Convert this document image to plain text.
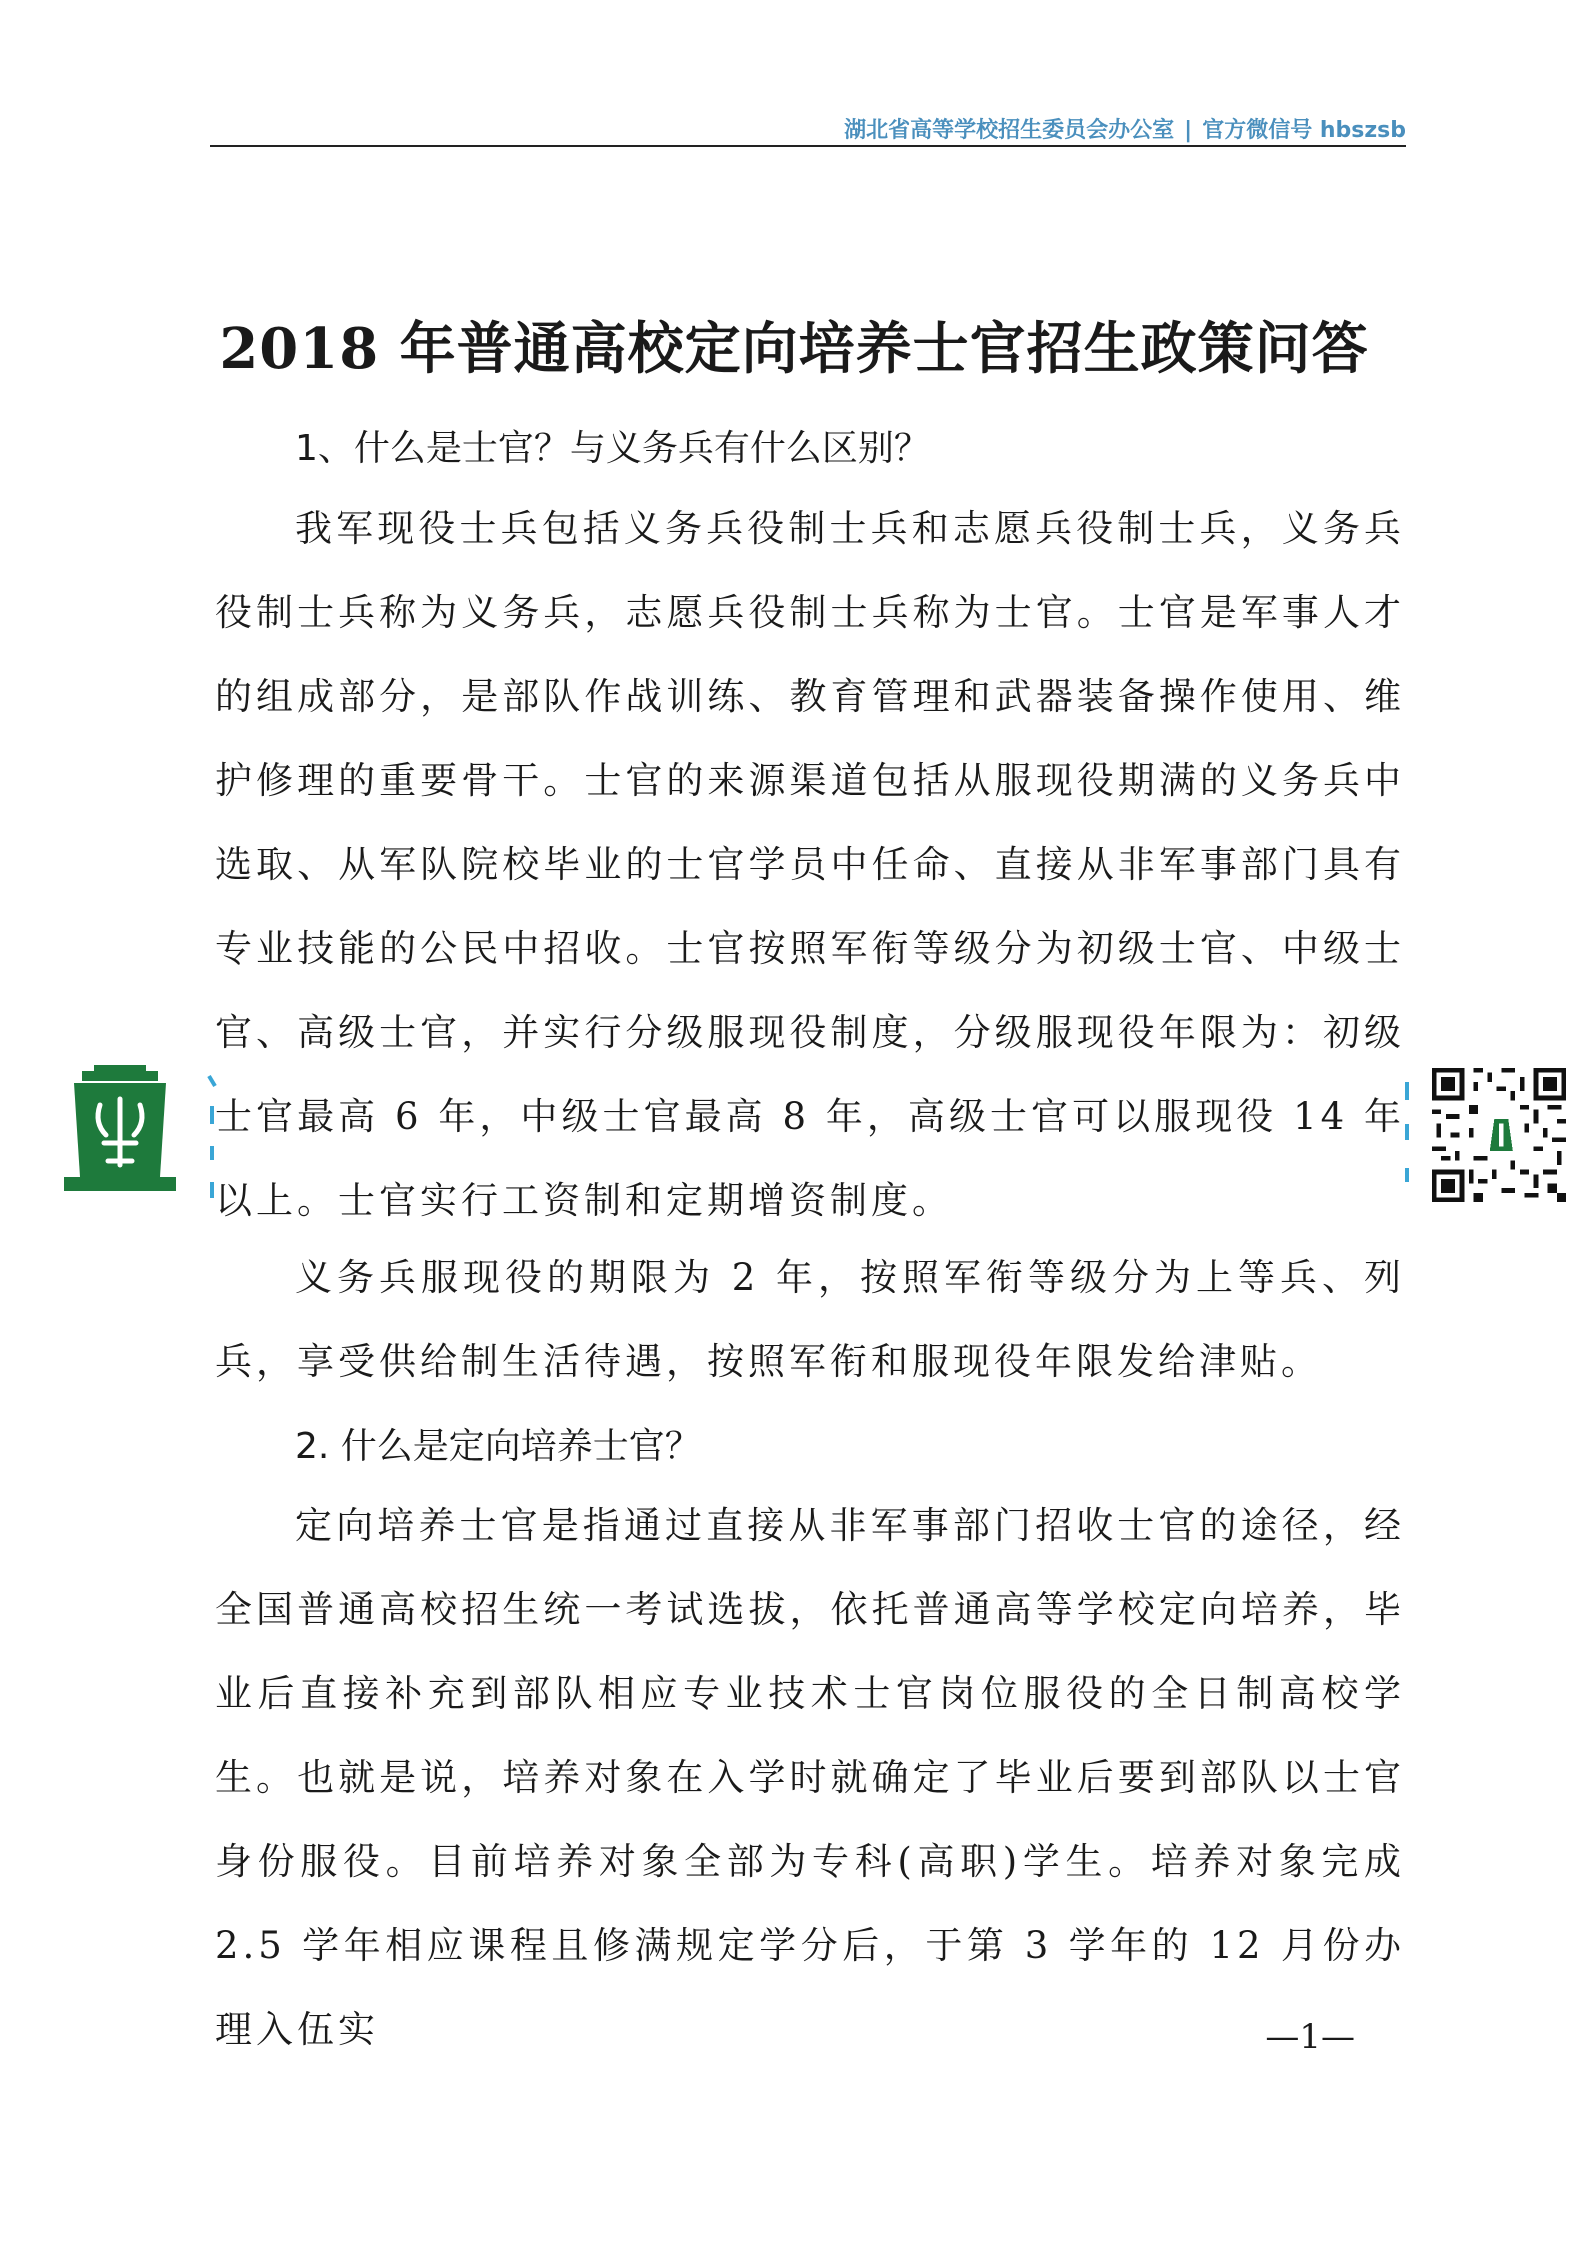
湖北省高等学校招生委员会办公室 | 官方微信号 hbszsb
2018 年普通高校定向培养士官招生政策问答
1、什么是士官？与义务兵有什么区别？
我军现役士兵包括义务兵役制士兵和志愿兵役制士兵，义务兵役制士兵称为义务兵，志愿兵役制士兵称为士官。士官是军事人才的组成部分，是部队作战训练、教育管理和武器装备操作使用、维护修理的重要骨干。士官的来源渠道包括从服现役期满的义务兵中选取、从军队院校毕业的士官学员中任命、直接从非军事部门具有专业技能的公民中招收。士官按照军衔等级分为初级士官、中级士官、高级士官，并实行分级服现役制度，分级服现役年限为：初级士官最高 6 年，中级士官最高 8 年，高级士官可以服现役 14 年以上。士官实行工资制和定期增资制度。
义务兵服现役的期限为 2 年，按照军衔等级分为上等兵、列兵，享受供给制生活待遇，按照军衔和服现役年限发给津贴。
2. 什么是定向培养士官？
定向培养士官是指通过直接从非军事部门招收士官的途径，经全国普通高校招生统一考试选拔，依托普通高等学校定向培养，毕业后直接补充到部队相应专业技术士官岗位服役的全日制高校学生。也就是说，培养对象在入学时就确定了毕业后要到部队以士官身份服役。目前培养对象全部为专科(高职)学生。培养对象完成 2.5 学年相应课程且修满规定学分后，于第 3 学年的 12 月份办理入伍实	—1—
